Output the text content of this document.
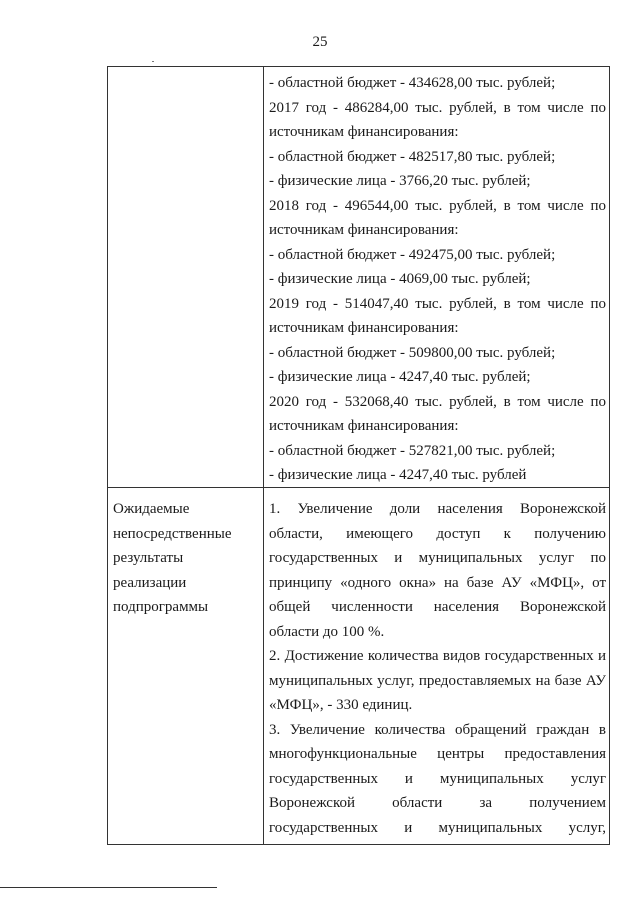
25
- областной бюджет - 434628,00 тыс. рублей;
2017 год - 486284,00 тыс. рублей, в том числе по
источникам финансирования:
- областной бюджет - 482517,80 тыс. рублей;
- физические лица - 3766,20 тыс. рублей;
2018 год - 496544,00 тыс. рублей, в том числе по
источникам финансирования:
- областной бюджет - 492475,00 тыс. рублей;
- физические лица - 4069,00 тыс. рублей;
2019 год - 514047,40 тыс. рублей, в том числе по
источникам финансирования:
- областной бюджет - 509800,00 тыс. рублей;
- физические лица - 4247,40 тыс. рублей;
2020 год - 532068,40 тыс. рублей, в том числе по
источникам финансирования:
- областной бюджет - 527821,00 тыс. рублей;
- физические лица - 4247,40 тыс. рублей
Ожидаемые
непосредственные
результаты
реализации
подпрограммы
1. Увеличение доли населения Воронежской
области, имеющего доступ к получению
государственных и муниципальных услуг по
принципу «одного окна» на базе АУ «МФЦ», от
общей численности населения Воронежской
области до 100 %.
2. Достижение количества видов государственных и
муниципальных услуг, предоставляемых на базе АУ
«МФЦ», - 330 единиц.
3. Увеличение количества обращений граждан в
многофункциональные центры предоставления
государственных и муниципальных услуг
Воронежской области за получением
государственных и муниципальных услуг,
